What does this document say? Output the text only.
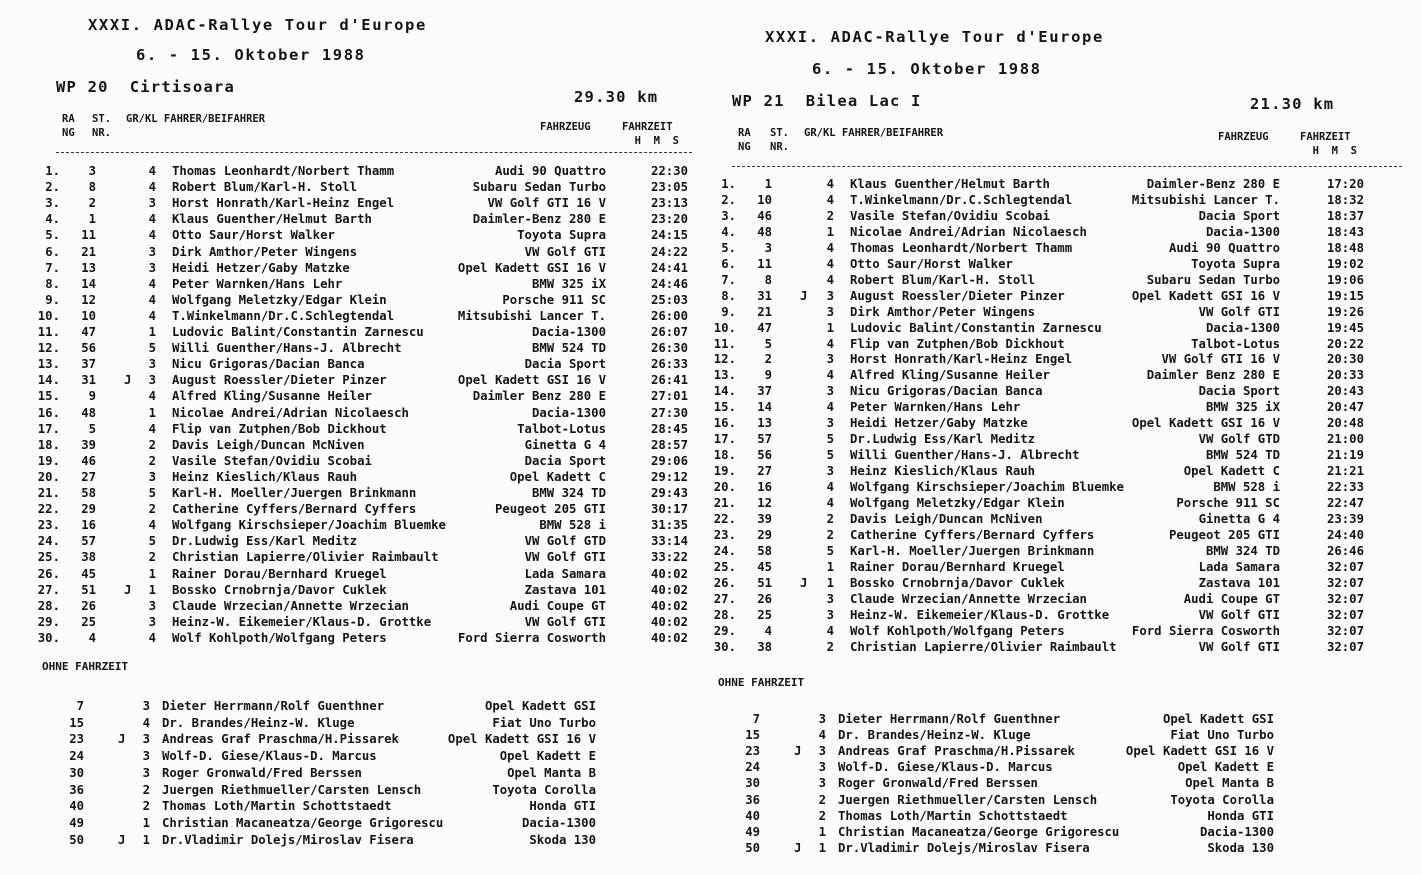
XXXI. ADAC-Rallye Tour d'Europe
6. - 15. Oktober 1988
WP 20  Cirtisoara
29.30 km
RA
NG
ST.
NR.
GR/KL FAHRER/BEIFAHRER
FAHRZEUG	FAHRZEIT
H  M  S
1.	3	4 Thomas Leonhardt/Norbert Thamm	Audi 90 Quattro	22:30
2.	8	4 Robert Blum/Karl-H. Stoll	Subaru Sedan Turbo	23:05
3.	2	3 Horst Honrath/Karl-Heinz Engel	VW Golf GTI 16 V	23:13
4.	1	4 Klaus Guenther/Helmut Barth	Daimler-Benz 280 E	23:20
5.	11	4 Otto Saur/Horst Walker	Toyota Supra	24:15
6.	21	3 Dirk Amthor/Peter Wingens	VW Golf GTI	24:22
7.	13	3 Heidi Hetzer/Gaby Matzke	Opel Kadett GSI 16 V	24:41
8.	14	4 Peter Warnken/Hans Lehr	BMW 325 iX	24:46
9.	12	4 Wolfgang Meletzky/Edgar Klein	Porsche 911 SC	25:03
10.	10	4 T.Winkelmann/Dr.C.Schlegtendal	Mitsubishi Lancer T.	26:00
11.	47	1 Ludovic Balint/Constantin Zarnescu	Dacia-1300	26:07
12.	56	5 Willi Guenther/Hans-J. Albrecht	BMW 524 TD	26:30
13.	37	3 Nicu Grigoras/Dacian Banca	Dacia Sport	26:33
14.	31 J	3 August Roessler/Dieter Pinzer	Opel Kadett GSI 16 V	26:41
15.	9	4 Alfred Kling/Susanne Heiler	Daimler Benz 280 E	27:01
16.	48	1 Nicolae Andrei/Adrian Nicolaesch	Dacia-1300	27:30
17.	5	4 Flip van Zutphen/Bob Dickhout	Talbot-Lotus	28:45
18.	39	2 Davis Leigh/Duncan McNiven	Ginetta G 4	28:57
19.	46	2 Vasile Stefan/Ovidiu Scobai	Dacia Sport	29:06
20.	27	3 Heinz Kieslich/Klaus Rauh	Opel Kadett C	29:12
21.	58	5 Karl-H. Moeller/Juergen Brinkmann	BMW 324 TD	29:43
22.	29	2 Catherine Cyffers/Bernard Cyffers	Peugeot 205 GTI	30:17
23.	16	4 Wolfgang Kirschsieper/Joachim Bluemke	BMW 528 i	31:35
24.	57	5 Dr.Ludwig Ess/Karl Meditz	VW Golf GTD	33:14
25.	38	2 Christian Lapierre/Olivier Raimbault	VW Golf GTI	33:22
26.	45	1 Rainer Dorau/Bernhard Kruegel	Lada Samara	40:02
27.	51 J	1 Bossko Crnobrnja/Davor Cuklek	Zastava 101	40:02
28.	26	3 Claude Wrzecian/Annette Wrzecian	Audi Coupe GT	40:02
29.	25	3 Heinz-W. Eikemeier/Klaus-D. Grottke	VW Golf GTI	40:02
30.	4	4 Wolf Kohlpoth/Wolfgang Peters	Ford Sierra Cosworth	40:02
OHNE FAHRZEIT
7	3 Dieter Herrmann/Rolf Guenthner	Opel Kadett GSI
15	4 Dr. Brandes/Heinz-W. Kluge	Fiat Uno Turbo
23	J	3 Andreas Graf Praschma/H.Pissarek	Opel Kadett GSI 16 V
24	3 Wolf-D. Giese/Klaus-D. Marcus	Opel Kadett E
30	3 Roger Gronwald/Fred Berssen	Opel Manta B
36	2 Juergen Riethmueller/Carsten Lensch	Toyota Corolla
40	2 Thomas Loth/Martin Schottstaedt	Honda GTI
49	1 Christian Macaneatza/George Grigorescu	Dacia-1300
50	J	1 Dr.Vladimir Dolejs/Miroslav Fisera	Skoda 130
XXXI. ADAC-Rallye Tour d'Europe
6. - 15. Oktober 1988
WP 21  Bilea Lac I	21.30 km
RA
NG
ST.
NR.
GR/KL FAHRER/BEIFAHRER	FAHRZEUG	FAHRZEIT
H  M  S
1.	1	4 Klaus Guenther/Helmut Barth	Daimler-Benz 280 E	17:20
2.	10	4 T.Winkelmann/Dr.C.Schlegtendal	Mitsubishi Lancer T.	18:32
3.	46	2 Vasile Stefan/Ovidiu Scobai	Dacia Sport	18:37
4.	48	1 Nicolae Andrei/Adrian Nicolaesch	Dacia-1300	18:43
5.	3	4 Thomas Leonhardt/Norbert Thamm	Audi 90 Quattro	18:48
6.	11	4 Otto Saur/Horst Walker	Toyota Supra	19:02
7.	8	4 Robert Blum/Karl-H. Stoll	Subaru Sedan Turbo	19:06
8.	31 J	3 August Roessler/Dieter Pinzer	Opel Kadett GSI 16 V	19:15
9.	21	3 Dirk Amthor/Peter Wingens	VW Golf GTI	19:26
10.	47	1 Ludovic Balint/Constantin Zarnescu	Dacia-1300	19:45
11.	5	4 Flip van Zutphen/Bob Dickhout	Talbot-Lotus	20:22
12.	2	3 Horst Honrath/Karl-Heinz Engel	VW Golf GTI 16 V	20:30
13.	9	4 Alfred Kling/Susanne Heiler	Daimler Benz 280 E	20:33
14.	37	3 Nicu Grigoras/Dacian Banca	Dacia Sport	20:43
15.	14	4 Peter Warnken/Hans Lehr	BMW 325 iX	20:47
16.	13	3 Heidi Hetzer/Gaby Matzke	Opel Kadett GSI 16 V	20:48
17.	57	5 Dr.Ludwig Ess/Karl Meditz	VW Golf GTD	21:00
18.	56	5 Willi Guenther/Hans-J. Albrecht	BMW 524 TD	21:19
19.	27	3 Heinz Kieslich/Klaus Rauh	Opel Kadett C	21:21
20.	16	4 Wolfgang Kirschsieper/Joachim Bluemke	BMW 528 i	22:33
21.	12	4 Wolfgang Meletzky/Edgar Klein	Porsche 911 SC	22:47
22.	39	2 Davis Leigh/Duncan McNiven	Ginetta G 4	23:39
23.	29	2 Catherine Cyffers/Bernard Cyffers	Peugeot 205 GTI	24:40
24.	58	5 Karl-H. Moeller/Juergen Brinkmann	BMW 324 TD	26:46
25.	45	1 Rainer Dorau/Bernhard Kruegel	Lada Samara	32:07
26.	51 J	1 Bossko Crnobrnja/Davor Cuklek	Zastava 101	32:07
27.	26	3 Claude Wrzecian/Annette Wrzecian	Audi Coupe GT	32:07
28.	25	3 Heinz-W. Eikemeier/Klaus-D. Grottke	VW Golf GTI	32:07
29.	4	4 Wolf Kohlpoth/Wolfgang Peters	Ford Sierra Cosworth	32:07
30.	38	2 Christian Lapierre/Olivier Raimbault	VW Golf GTI	32:07
OHNE FAHRZEIT
7	3 Dieter Herrmann/Rolf Guenthner	Opel Kadett GSI
15	4 Dr. Brandes/Heinz-W. Kluge	Fiat Uno Turbo
23	J	3 Andreas Graf Praschma/H.Pissarek	Opel Kadett GSI 16 V
24	3 Wolf-D. Giese/Klaus-D. Marcus	Opel Kadett E
30	3 Roger Gronwald/Fred Berssen	Opel Manta B
36	2 Juergen Riethmueller/Carsten Lensch	Toyota Corolla
40	2 Thomas Loth/Martin Schottstaedt	Honda GTI
49	1 Christian Macaneatza/George Grigorescu	Dacia-1300
50	J	1 Dr.Vladimir Dolejs/Miroslav Fisera	Skoda 130
